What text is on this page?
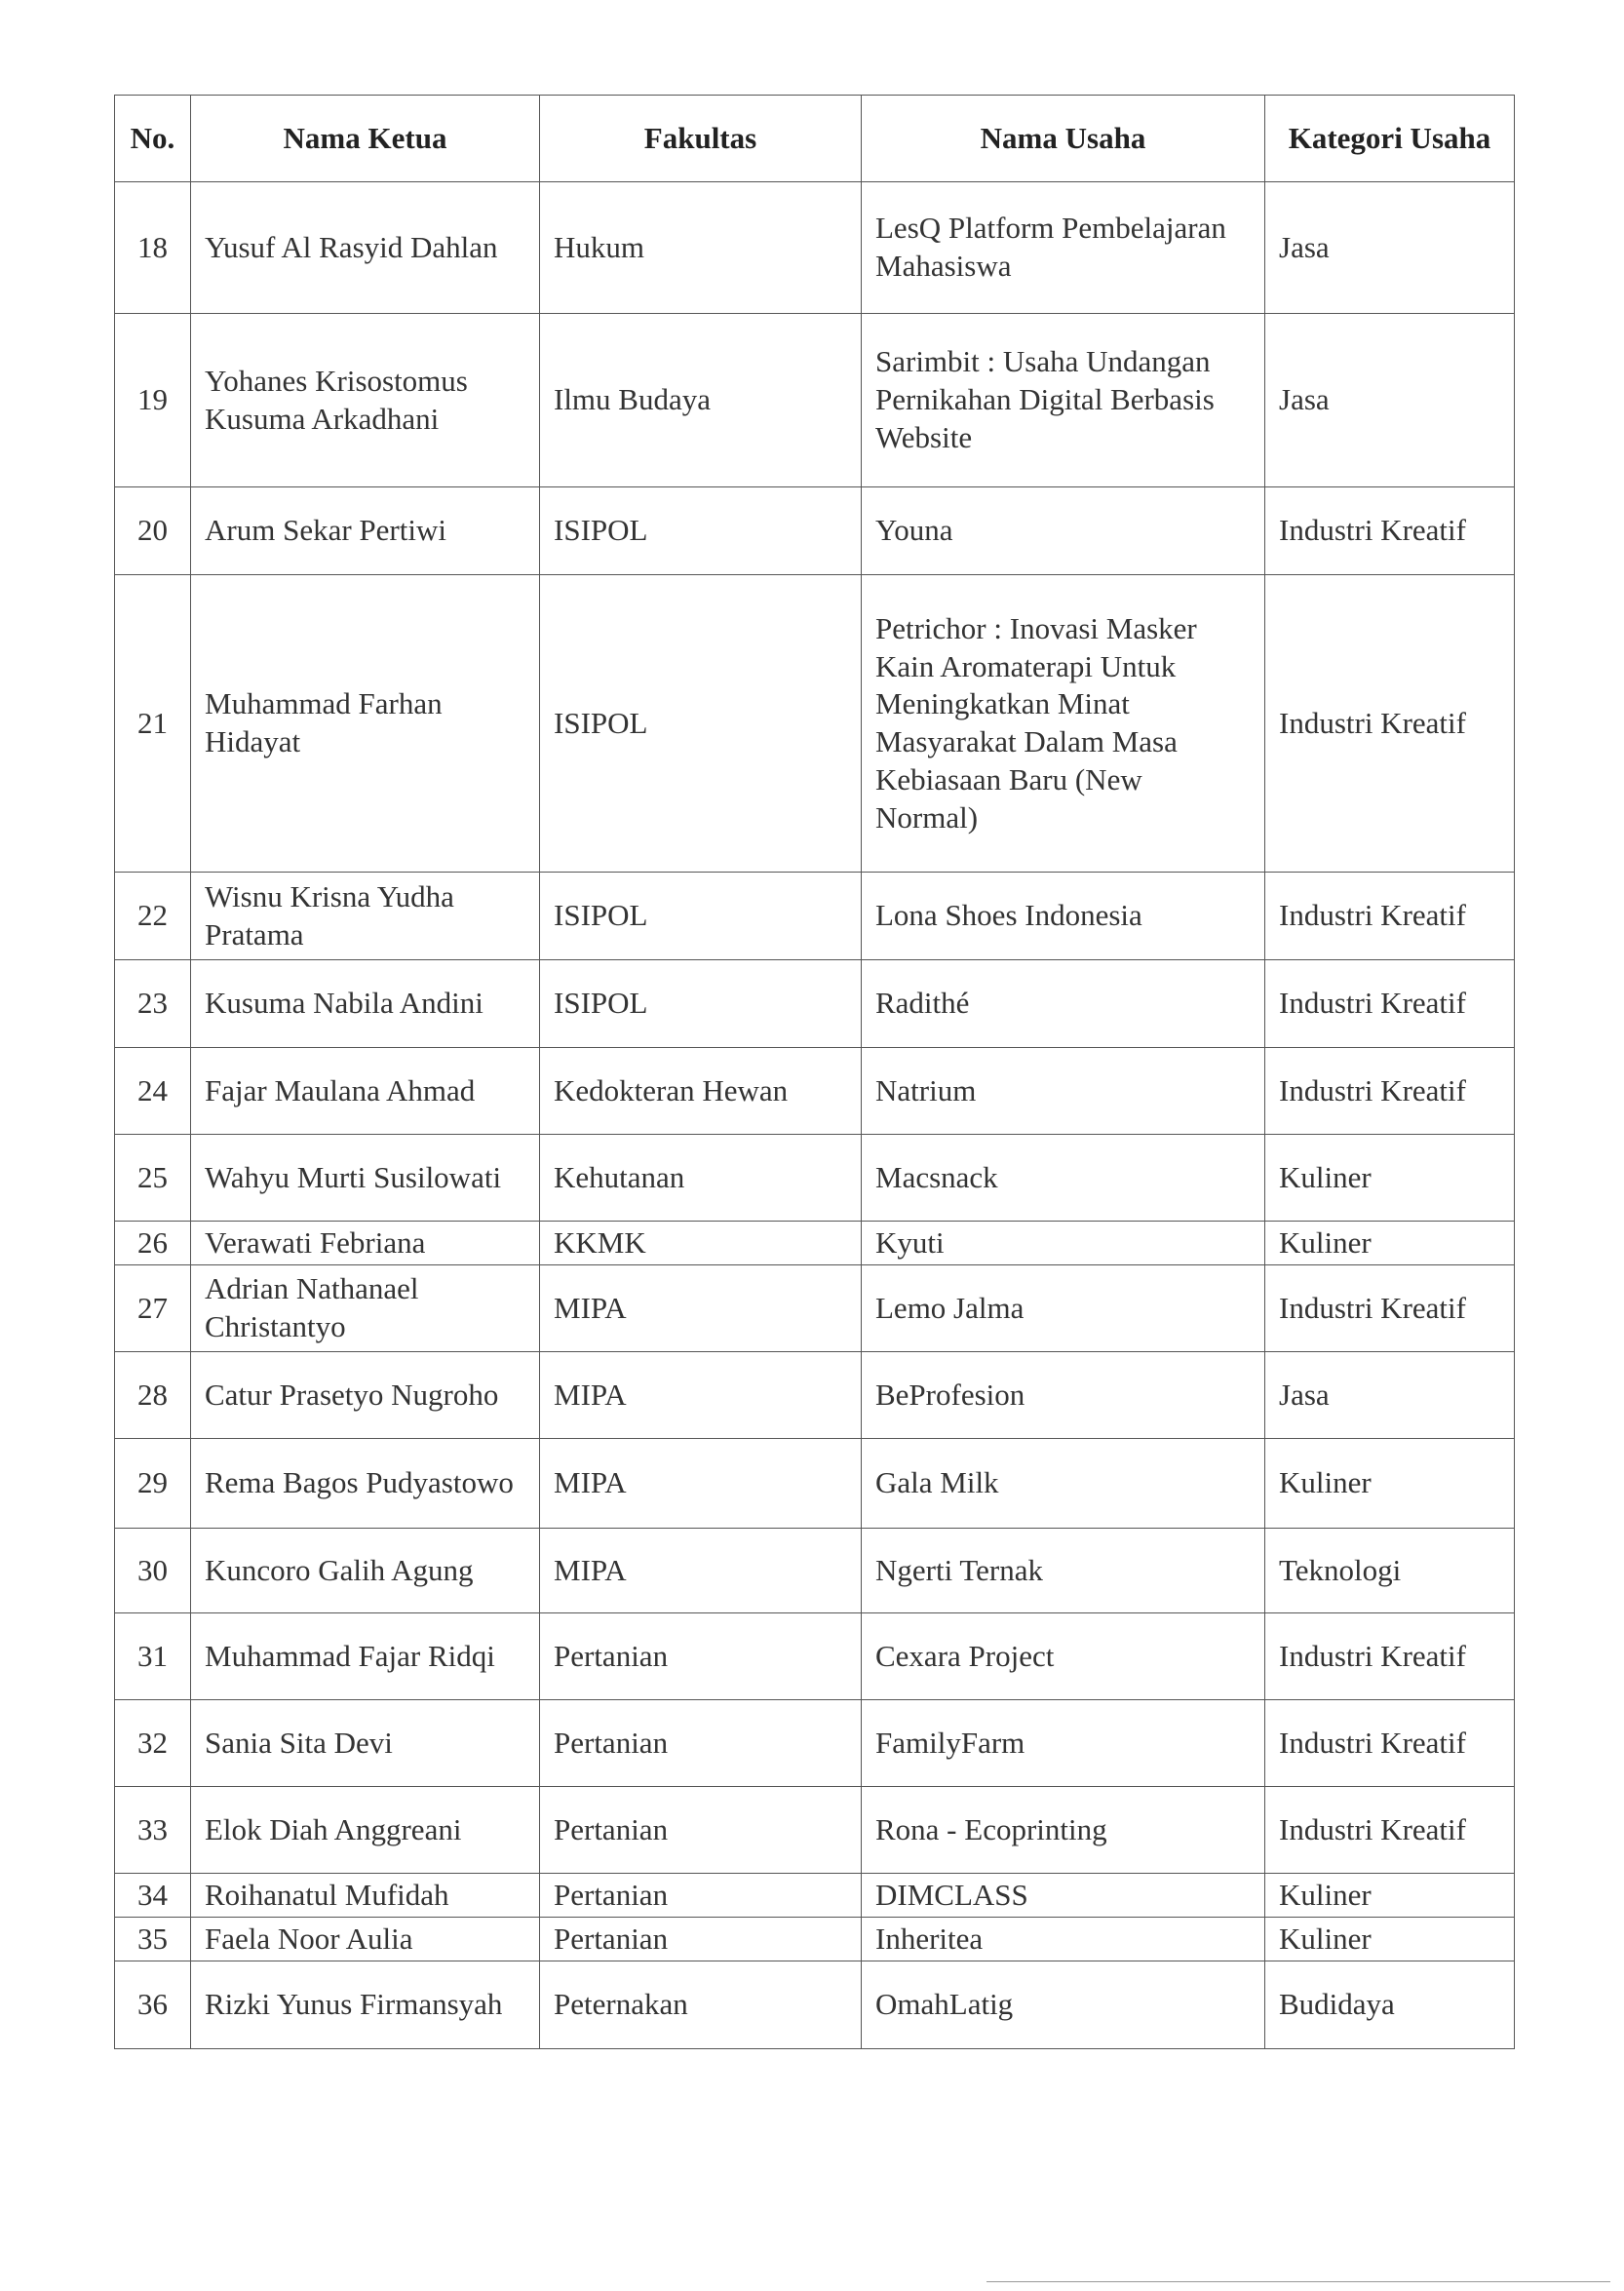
No.	Nama Ketua	Fakultas	Nama Usaha	Kategori Usaha
18	Yusuf Al Rasyid Dahlan	Hukum	LesQ Platform Pembelajaran Mahasiswa	Jasa
19	Yohanes Krisostomus Kusuma Arkadhani	Ilmu Budaya	Sarimbit : Usaha Undangan Pernikahan Digital Berbasis Website	Jasa
20	Arum Sekar Pertiwi	ISIPOL	Youna	Industri Kreatif
21	Muhammad Farhan Hidayat	ISIPOL	Petrichor : Inovasi Masker Kain Aromaterapi Untuk Meningkatkan Minat Masyarakat Dalam Masa Kebiasaan Baru (New Normal)	Industri Kreatif
22	Wisnu Krisna Yudha Pratama	ISIPOL	Lona Shoes Indonesia	Industri Kreatif
23	Kusuma Nabila Andini	ISIPOL	Radithé	Industri Kreatif
24	Fajar Maulana Ahmad	Kedokteran Hewan	Natrium	Industri Kreatif
25	Wahyu Murti Susilowati	Kehutanan	Macsnack	Kuliner
26	Verawati Febriana	KKMK	Kyuti	Kuliner
27	Adrian Nathanael Christantyo	MIPA	Lemo Jalma	Industri Kreatif
28	Catur Prasetyo Nugroho	MIPA	BeProfesion	Jasa
29	Rema Bagos Pudyastowo	MIPA	Gala Milk	Kuliner
30	Kuncoro Galih Agung	MIPA	Ngerti Ternak	Teknologi
31	Muhammad Fajar Ridqi	Pertanian	Cexara Project	Industri Kreatif
32	Sania Sita Devi	Pertanian	FamilyFarm	Industri Kreatif
33	Elok Diah Anggreani	Pertanian	Rona - Ecoprinting	Industri Kreatif
34	Roihanatul Mufidah	Pertanian	DIMCLASS	Kuliner
35	Faela Noor Aulia	Pertanian	Inheritea	Kuliner
36	Rizki Yunus Firmansyah	Peternakan	OmahLatig	Budidaya
